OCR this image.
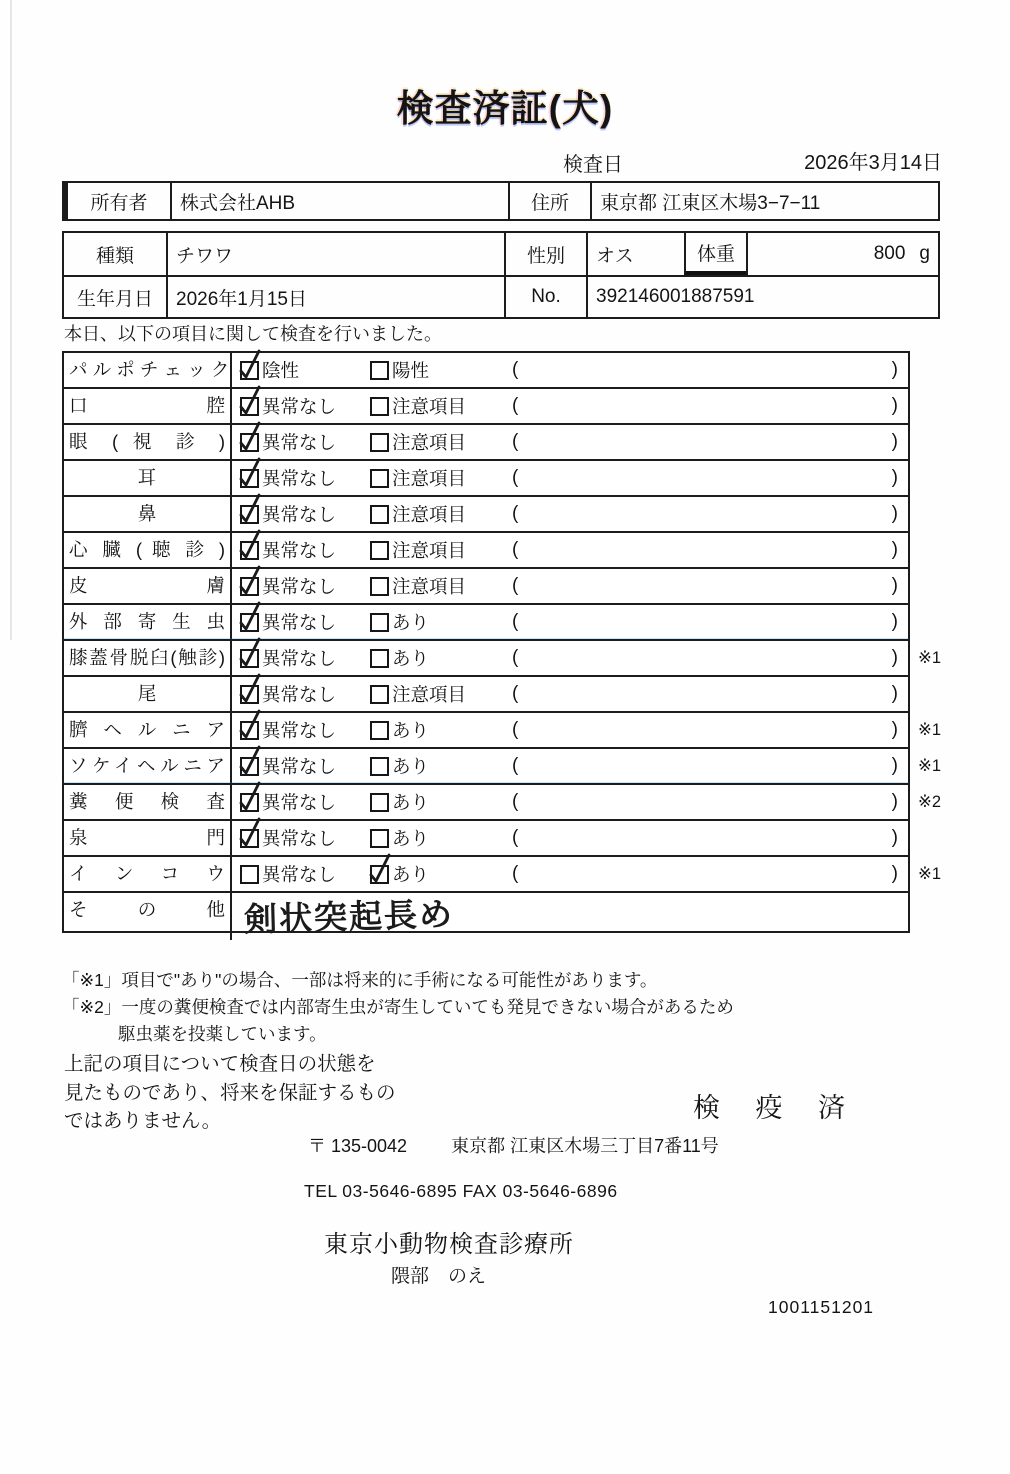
検査済証(犬)
検査日	2026年3月14日
所有者	株式会社AHB	住所	東京都 江東区木場3−7−11
種類	チワワ	性別	オス	体重	800 g
生年月日	2026年1月15日	No.	392146001887591
本日、以下の項目に関して検査を行いました。
パ ル ポ チ ェ ッ ク 陰性	陽性	(	)
口 腔	異常なし	注意項目 (	)
眼 ( 視 診 )	異常なし	注意項目 (	)
耳	異常なし	注意項目 (	)
鼻	異常なし	注意項目 (	)
心 臓 ( 聴 診 )	異常なし	注意項目 (	)
皮 膚	異常なし	注意項目 (	)
外 部 寄 生 虫	異常なし	あり	(	)
膝蓋骨脱臼(触診)	異常なし	あり	(	) ※1
尾	異常なし	注意項目 (	)
臍 ヘ ル ニ ア	異常なし	あり	(	) ※1
ソケイヘルニア	異常なし	あり	(	) ※1
糞 便 検 査	異常なし	あり	(	) ※2
泉 門	異常なし	あり	(	)
イ ン コ ウ	異常なし	あり	(	) ※1
そ の 他 剣状突起長め
「※1」項目で"あり"の場合、一部は将来的に手術になる可能性があります。
「※2」一度の糞便検査では内部寄生虫が寄生していても発見できない場合があるため
駆虫薬を投薬しています。
上記の項目について検査日の状態を
見たものであり、将来を保証するもの
ではありません。	検 疫 済
〒 135-0042 東京都 江東区木場三丁目7番11号
TEL 03-5646-6895 FAX 03-5646-6896
東京小動物検査診療所
隈部　のえ
1001151201
